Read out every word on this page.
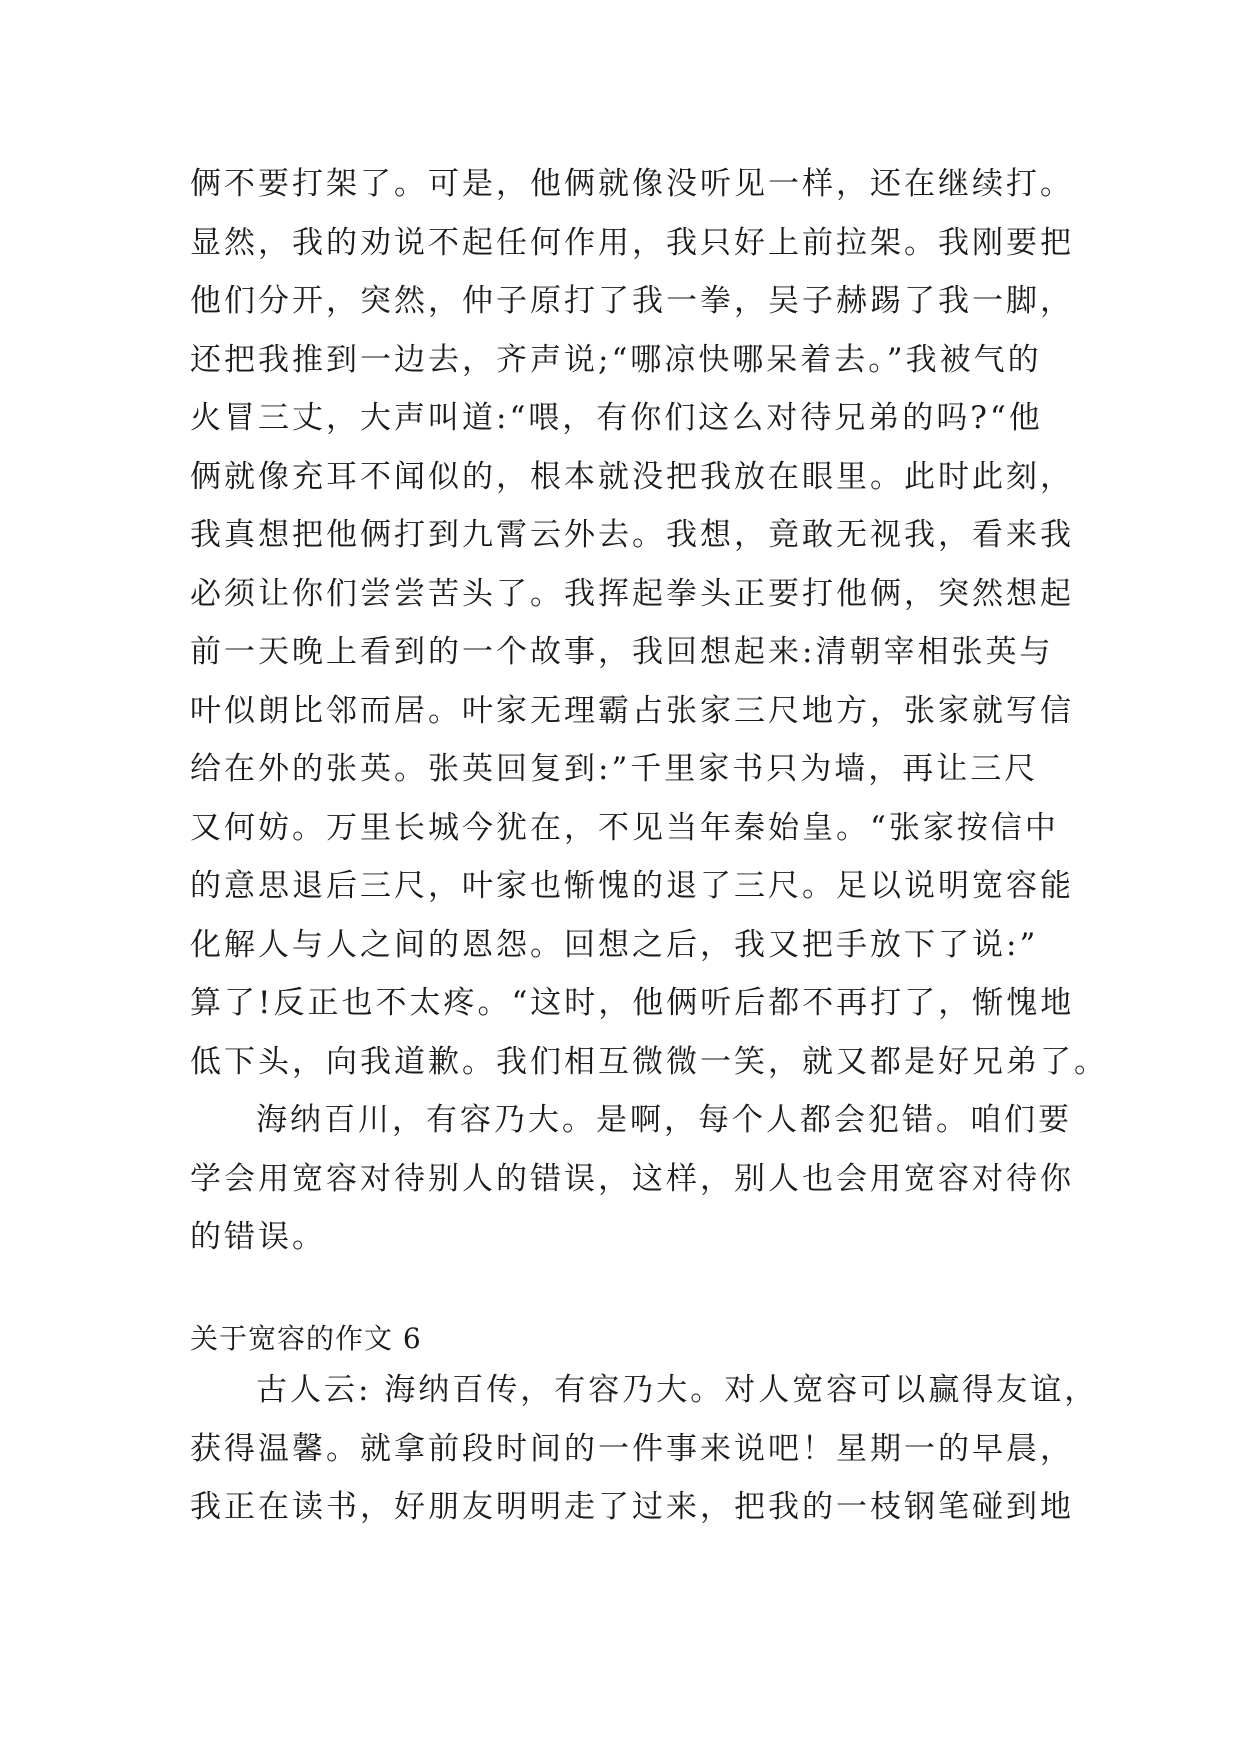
俩不要打架了。可是，他俩就像没听见一样，还在继续打。
显然，我的劝说不起任何作用，我只好上前拉架。我刚要把
他们分开，突然，仲子原打了我一拳，吴子赫踢了我一脚，
还把我推到一边去，齐声说;“哪凉快哪呆着去。”我被气的
火冒三丈，大声叫道:“喂，有你们这么对待兄弟的吗?“他
俩就像充耳不闻似的，根本就没把我放在眼里。此时此刻，
我真想把他俩打到九霄云外去。我想，竟敢无视我，看来我
必须让你们尝尝苦头了。我挥起拳头正要打他俩，突然想起
前一天晚上看到的一个故事，我回想起来:清朝宰相张英与
叶似朗比邻而居。叶家无理霸占张家三尺地方，张家就写信
给在外的张英。张英回复到:”千里家书只为墙，再让三尺
又何妨。万里长城今犹在，不见当年秦始皇。“张家按信中
的意思退后三尺，叶家也惭愧的退了三尺。足以说明宽容能
化解人与人之间的恩怨。回想之后，我又把手放下了说:”
算了!反正也不太疼。“这时，他俩听后都不再打了，惭愧地
低下头，向我道歉。我们相互微微一笑，就又都是好兄弟了。
海纳百川，有容乃大。是啊，每个人都会犯错。咱们要
学会用宽容对待别人的错误，这样，别人也会用宽容对待你
的错误。
关于宽容的作文 6
古人云: 海纳百传，有容乃大。对人宽容可以赢得友谊，
获得温馨。就拿前段时间的一件事来说吧！星期一的早晨，
我正在读书，好朋友明明走了过来，把我的一枝钢笔碰到地
